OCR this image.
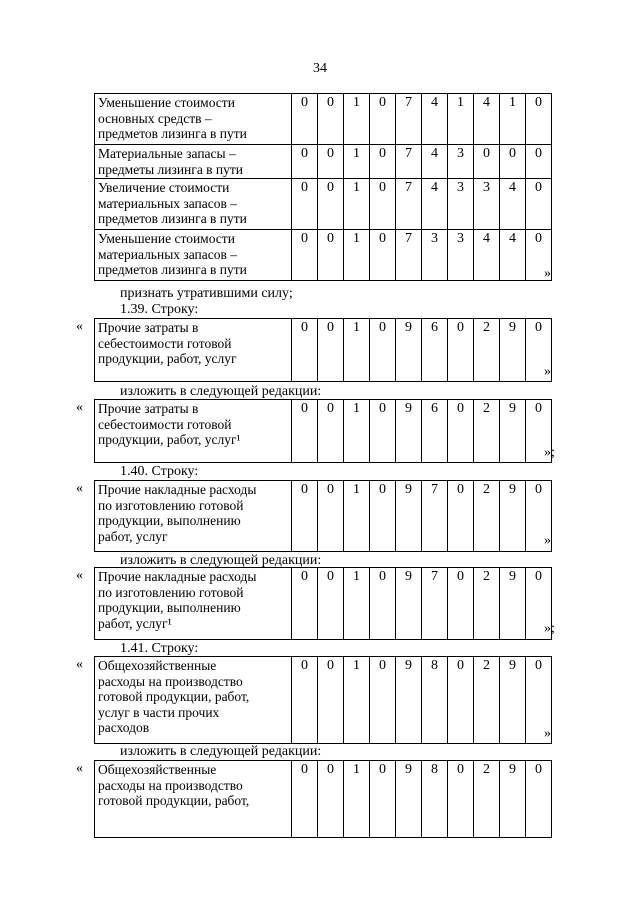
34
Уменьшение стоимости
основных средств –
предметов лизинга в пути	0	0	1	0	7	4	1	4	1	0

Материальные запасы –
предметы лизинга в пути	0	0	1	0	7	4	3	0	0	0

Увеличение стоимости
материальных запасов –
предметов лизинга в пути	0	0	1	0	7	4	3	3	4	0

Уменьшение стоимости
материальных запасов –
предметов лизинга в пути	0	0	1	0	7	3	3	4	4	0
»
признать утратившими силу;
1.39. Строку:
Прочие затраты в
себестоимости готовой
продукции, работ, услуг
	0	0	1	0	9	6	0	2	9	0
«
»
изложить в следующей редакции:
Прочие затраты в
себестоимости готовой
продукции, работ, услуг¹
	0	0	1	0	9	6	0	2	9	0
«
»;
1.40. Строку:
Прочие накладные расходы
по изготовлению готовой
продукции, выполнению
работ, услуг
	0	0	1	0	9	7	0	2	9	0
«
»
изложить в следующей редакции:
Прочие накладные расходы
по изготовлению готовой
продукции, выполнению
работ, услуг¹
	0	0	1	0	9	7	0	2	9	0
«
»;
1.41. Строку:
Общехозяйственные
расходы на производство
готовой продукции, работ,
услуг в части прочих
расходов
	0	0	1	0	9	8	0	2	9	0
«
»
изложить в следующей редакции:
Общехозяйственные
расходы на производство
готовой продукции, работ,
	0	0	1	0	9	8	0	2	9	0
«
